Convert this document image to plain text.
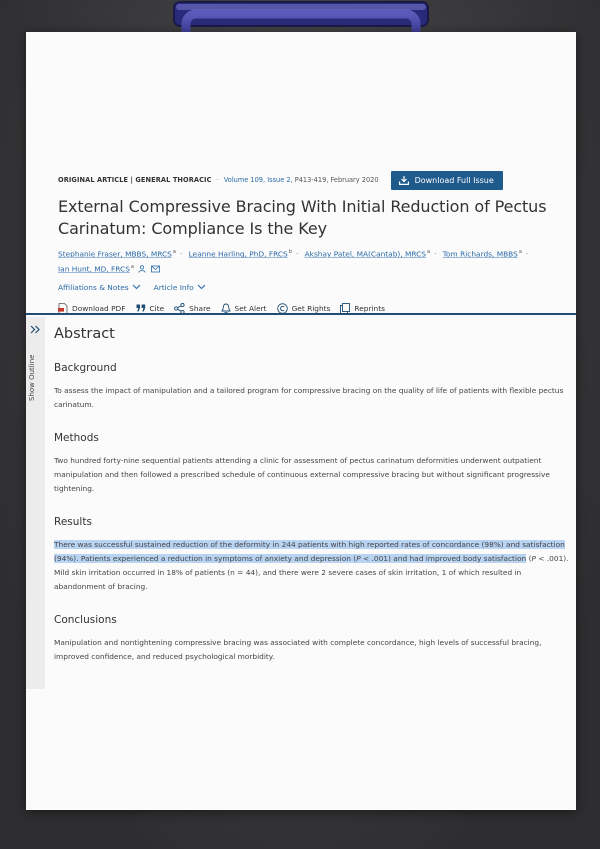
ORIGINAL ARTICLE | GENERAL THORACIC · Volume 109, Issue 2 , P413-419, February 2020	Download Full Issue
External Compressive Bracing With Initial Reduction of Pectus Carinatum: Compliance Is the Key
Stephanie Fraser, MBBS, $MRCS^a$ · Leanne Harling, PhD, $FRCS^b$ · Akshay Patel, MA(Cantab), $MRCS^a$ · Tom Richards, $MBBS^a$ ·
Ian Hunt, MD, FRCS$^a$
Affiliations & Notes	Article Info
Download PDF	Cite	Share	Set Alert	Get Rights	Reprints
Show Outline
Abstract
Background

To assess the impact of manipulation and a tailored program for compressive bracing on the quality of life of patients with flexible pectus carinatum.

Methods

Two hundred forty-nine sequential patients attending a clinic for assessment of pectus carinatum deformities underwent outpatient manipulation and then followed a prescribed schedule of continuous external compressive bracing but without significant progressive tightening.

Results

There was successful sustained reduction of the deformity in 244 patients with high reported rates of concordance (98%) and satisfaction (94%). Patients experienced a reduction in symptoms of anxiety and depression (P < .001) and had improved body satisfaction (P < .001). Mild skin irritation occurred in 18% of patients (n = 44), and there were 2 severe cases of skin irritation, 1 of which resulted in abandonment of bracing.

Conclusions

Manipulation and nontightening compressive bracing was associated with complete concordance, high levels of successful bracing, improved confidence, and reduced psychological morbidity.
